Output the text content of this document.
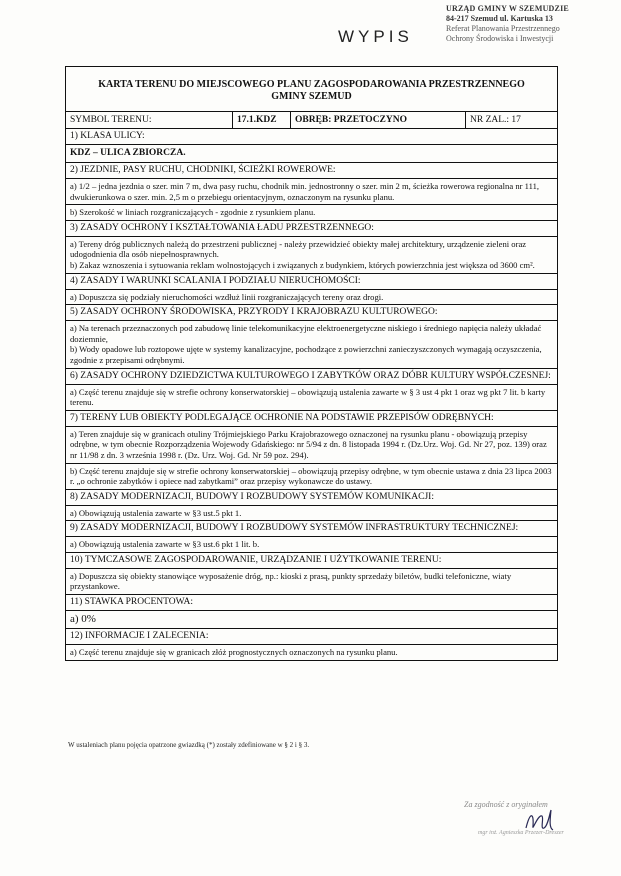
URZĄD GMINY W SZEMUDZIE
84-217 Szemud ul. Kartuska 13
Referat Planowania Przestrzennego
Ochrony Środowiska i Inwestycji
WYPIS
KARTA TERENU DO MIEJSCOWEGO PLANU ZAGOSPODAROWANIA PRZESTRZENNEGO GMINY SZEMUD
SYMBOL TERENU:	17.1.KDZ	OBRĘB: PRZETOCZYNO	NR ZAL.: 17
1) KLASA ULICY:
KDZ – ULICA ZBIORCZA.
2) JEZDNIE, PASY RUCHU, CHODNIKI, ŚCIEŻKI ROWEROWE:
a) 1/2 – jedna jezdnia o szer. min 7 m, dwa pasy ruchu, chodnik min. jednostronny o szer. min 2 m, ścieżka rowerowa regionalna nr 111, dwukierunkowa o szer. min. 2,5 m o przebiegu orientacyjnym, oznaczonym na rysunku planu.
b) Szerokość w liniach rozgraniczających - zgodnie z rysunkiem planu.
3) ZASADY OCHRONY I KSZTAŁTOWANIA ŁADU PRZESTRZENNEGO:
a) Tereny dróg publicznych należą do przestrzeni publicznej - należy przewidzieć obiekty małej architektury, urządzenie zieleni oraz udogodnienia dla osób niepełnosprawnych.
b) Zakaz wznoszenia i sytuowania reklam wolnostojących i związanych z budynkiem, których powierzchnia jest większa od 3600 cm².
4) ZASADY I WARUNKI SCALANIA I PODZIAŁU NIERUCHOMOŚCI:
a) Dopuszcza się podziały nieruchomości wzdłuż linii rozgraniczających tereny oraz drogi.
5) ZASADY OCHRONY ŚRODOWISKA, PRZYRODY I KRAJOBRAZU KULTUROWEGO:
a) Na terenach przeznaczonych pod zabudowę linie telekomunikacyjne elektroenergetyczne niskiego i średniego napięcia należy układać doziemnie,
b) Wody opadowe lub roztopowe ujęte w systemy kanalizacyjne, pochodzące z powierzchni zanieczyszczonych wymagają oczyszczenia, zgodnie z przepisami odrębnymi.
6) ZASADY OCHRONY DZIEDZICTWA KULTUROWEGO I ZABYTKÓW ORAZ DÓBR KULTURY WSPÓŁCZESNEJ:
a) Część terenu znajduje się w strefie ochrony konserwatorskiej – obowiązują ustalenia zawarte w § 3 ust 4 pkt 1 oraz wg pkt 7 lit. b karty terenu.
7) TERENY LUB OBIEKTY PODLEGAJĄCE OCHRONIE NA PODSTAWIE PRZEPISÓW ODRĘBNYCH:
a) Teren znajduje się w granicach otuliny Trójmiejskiego Parku Krajobrazowego oznaczonej na rysunku planu - obowiązują przepisy odrębne, w tym obecnie Rozporządzenia Wojewody Gdańskiego: nr 5/94 z dn. 8 listopada 1994 r. (Dz.Urz. Woj. Gd. Nr 27, poz. 139) oraz nr 11/98 z dn. 3 września 1998 r. (Dz. Urz. Woj. Gd. Nr 59 poz. 294).
b) Część terenu znajduje się w strefie ochrony konserwatorskiej – obowiązują przepisy odrębne, w tym obecnie ustawa z dnia 23 lipca 2003 r. „o ochronie zabytków i opiece nad zabytkami” oraz przepisy wykonawcze do ustawy.
8) ZASADY MODERNIZACJI, BUDOWY I ROZBUDOWY SYSTEMÓW KOMUNIKACJI:
a) Obowiązują ustalenia zawarte w §3 ust.5 pkt 1.
9) ZASADY MODERNIZACJI, BUDOWY I ROZBUDOWY SYSTEMÓW INFRASTRUKTURY TECHNICZNEJ:
a) Obowiązują ustalenia zawarte w §3 ust.6 pkt 1 lit. b.
10) TYMCZASOWE ZAGOSPODAROWANIE, URZĄDZANIE I UŻYTKOWANIE TERENU:
a) Dopuszcza się obiekty stanowiące wyposażenie dróg, np.: kioski z prasą, punkty sprzedaży biletów, budki telefoniczne, wiaty przystankowe.
11) STAWKA PROCENTOWA:
a) 0%
12) INFORMACJE I ZALECENIA:
a) Część terenu znajduje się w granicach złóż prognostycznych oznaczonych na rysunku planu.
W ustaleniach planu pojęcia opatrzone gwiazdką (*) zostały zdefiniowane w § 2 i § 3.
Za zgodność z oryginałem
mgr inż. Agnieszka Przezer-Dreszer
